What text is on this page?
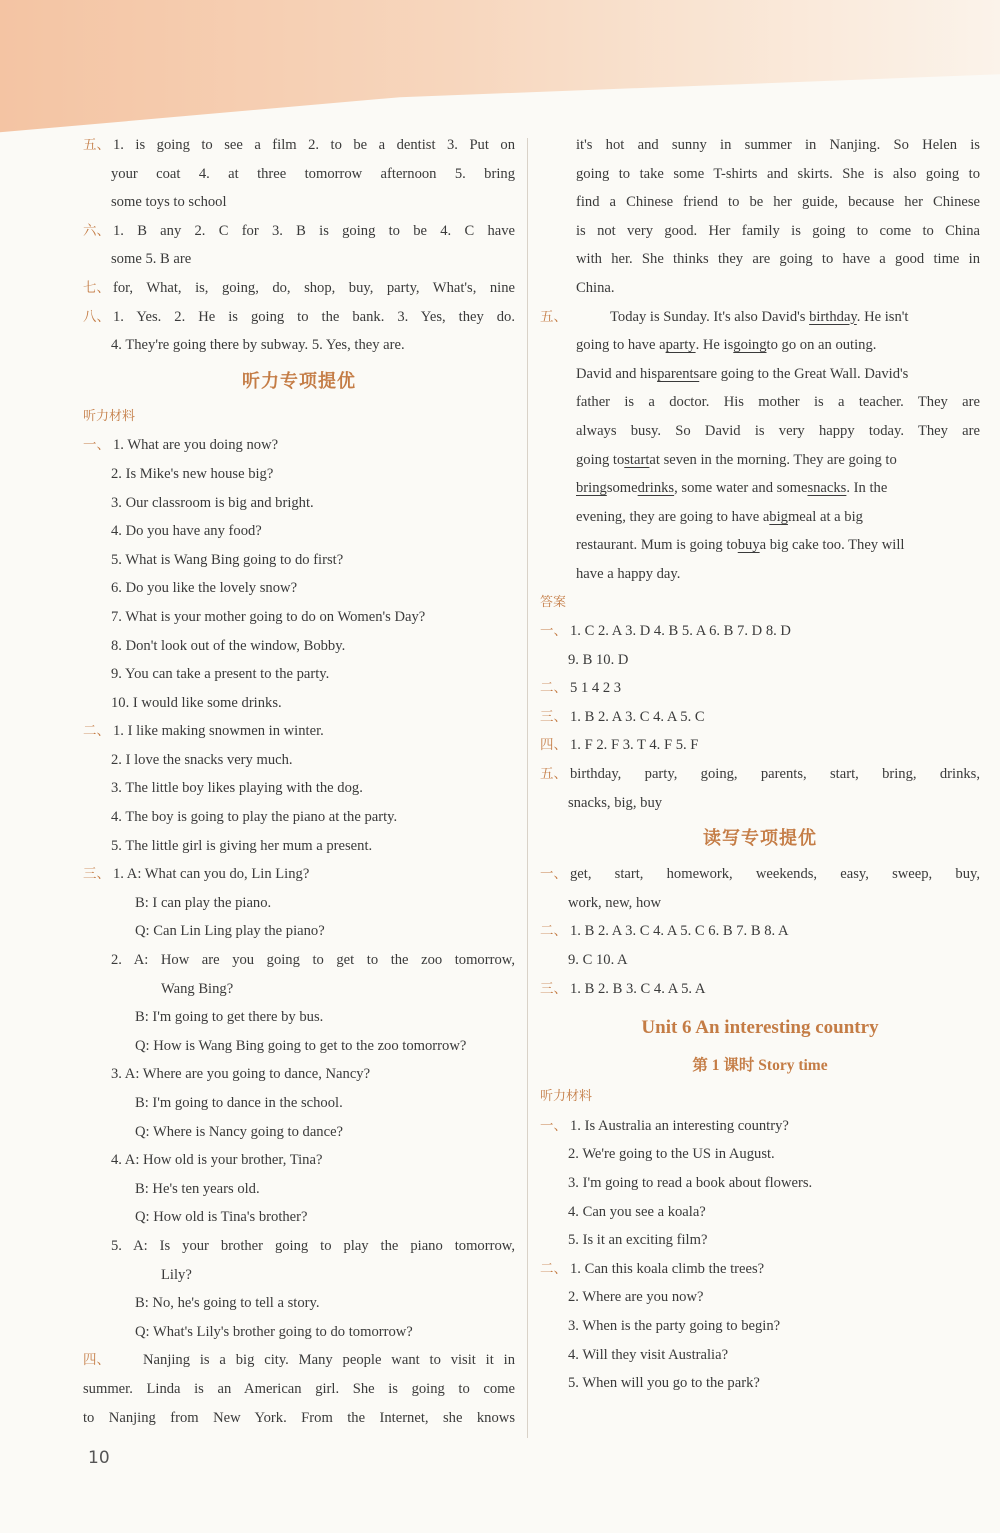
五、 1. is going to see a film 2. to be a dentist 3. Put on
your coat 4. at three tomorrow afternoon 5. bring
some toys to school
六、 1. B any 2. C for 3. B is going to be 4. C have
some 5. B are
七、 for, What, is, going, do, shop, buy, party, What's, nine
八、 1. Yes. 2. He is going to the bank. 3. Yes, they do.
4. They're going there by subway. 5. Yes, they are.
听力专项提优
听力材料
一、 1. What are you doing now?
2. Is Mike's new house big?
3. Our classroom is big and bright.
4. Do you have any food?
5. What is Wang Bing going to do first?
6. Do you like the lovely snow?
7. What is your mother going to do on Women's Day?
8. Don't look out of the window, Bobby.
9. You can take a present to the party.
10. I would like some drinks.
二、 1. I like making snowmen in winter.
2. I love the snacks very much.
3. The little boy likes playing with the dog.
4. The boy is going to play the piano at the party.
5. The little girl is giving her mum a present.
三、 1. A: What can you do, Lin Ling?
B: I can play the piano.
Q: Can Lin Ling play the piano?
2. A: How are you going to get to the zoo tomorrow,
Wang Bing?
B: I'm going to get there by bus.
Q: How is Wang Bing going to get to the zoo tomorrow?
3. A: Where are you going to dance, Nancy?
B: I'm going to dance in the school.
Q: Where is Nancy going to dance?
4. A: How old is your brother, Tina?
B: He's ten years old.
Q: How old is Tina's brother?
5. A: Is your brother going to play the piano tomorrow,
Lily?
B: No, he's going to tell a story.
Q: What's Lily's brother going to do tomorrow?
四、	Nanjing is a big city. Many people want to visit it in
summer. Linda is an American girl. She is going to come
to Nanjing from New York. From the Internet, she knows
it's hot and sunny in summer in Nanjing. So Helen is
going to take some T-shirts and skirts. She is also going to
find a Chinese friend to be her guide, because her Chinese
is not very good. Her family is going to come to China
with her. She thinks they are going to have a good time in
China.
五、	Today is Sunday. It's also David's birthday. He isn't
going to have a party . He is going to go on an outing.
David and his parents are going to the Great Wall. David's
father is a doctor. His mother is a teacher. They are
always busy. So David is very happy today. They are
going to start at seven in the morning. They are going to
bring some drinks , some water and some snacks . In the
evening, they are going to have a big meal at a big
restaurant. Mum is going to buy a big cake too. They will
have a happy day.
答案
一、 1. C 2. A 3. D 4. B 5. A 6. B 7. D 8. D
9. B 10. D
二、 5 1 4 2 3
三、 1. B 2. A 3. C 4. A 5. C
四、 1. F 2. F 3. T 4. F 5. F
五、 birthday, party, going, parents, start, bring, drinks,
snacks, big, buy
读写专项提优
一、 get, start, homework, weekends, easy, sweep, buy,
work, new, how
二、 1. B 2. A 3. C 4. A 5. C 6. B 7. B 8. A
9. C 10. A
三、 1. B 2. B 3. C 4. A 5. A
Unit 6 An interesting country
第 1 课时 Story time
听力材料
一、 1. Is Australia an interesting country?
2. We're going to the US in August.
3. I'm going to read a book about flowers.
4. Can you see a koala?
5. Is it an exciting film?
二、 1. Can this koala climb the trees?
2. Where are you now?
3. When is the party going to begin?
4. Will they visit Australia?
5. When will you go to the park?
10
